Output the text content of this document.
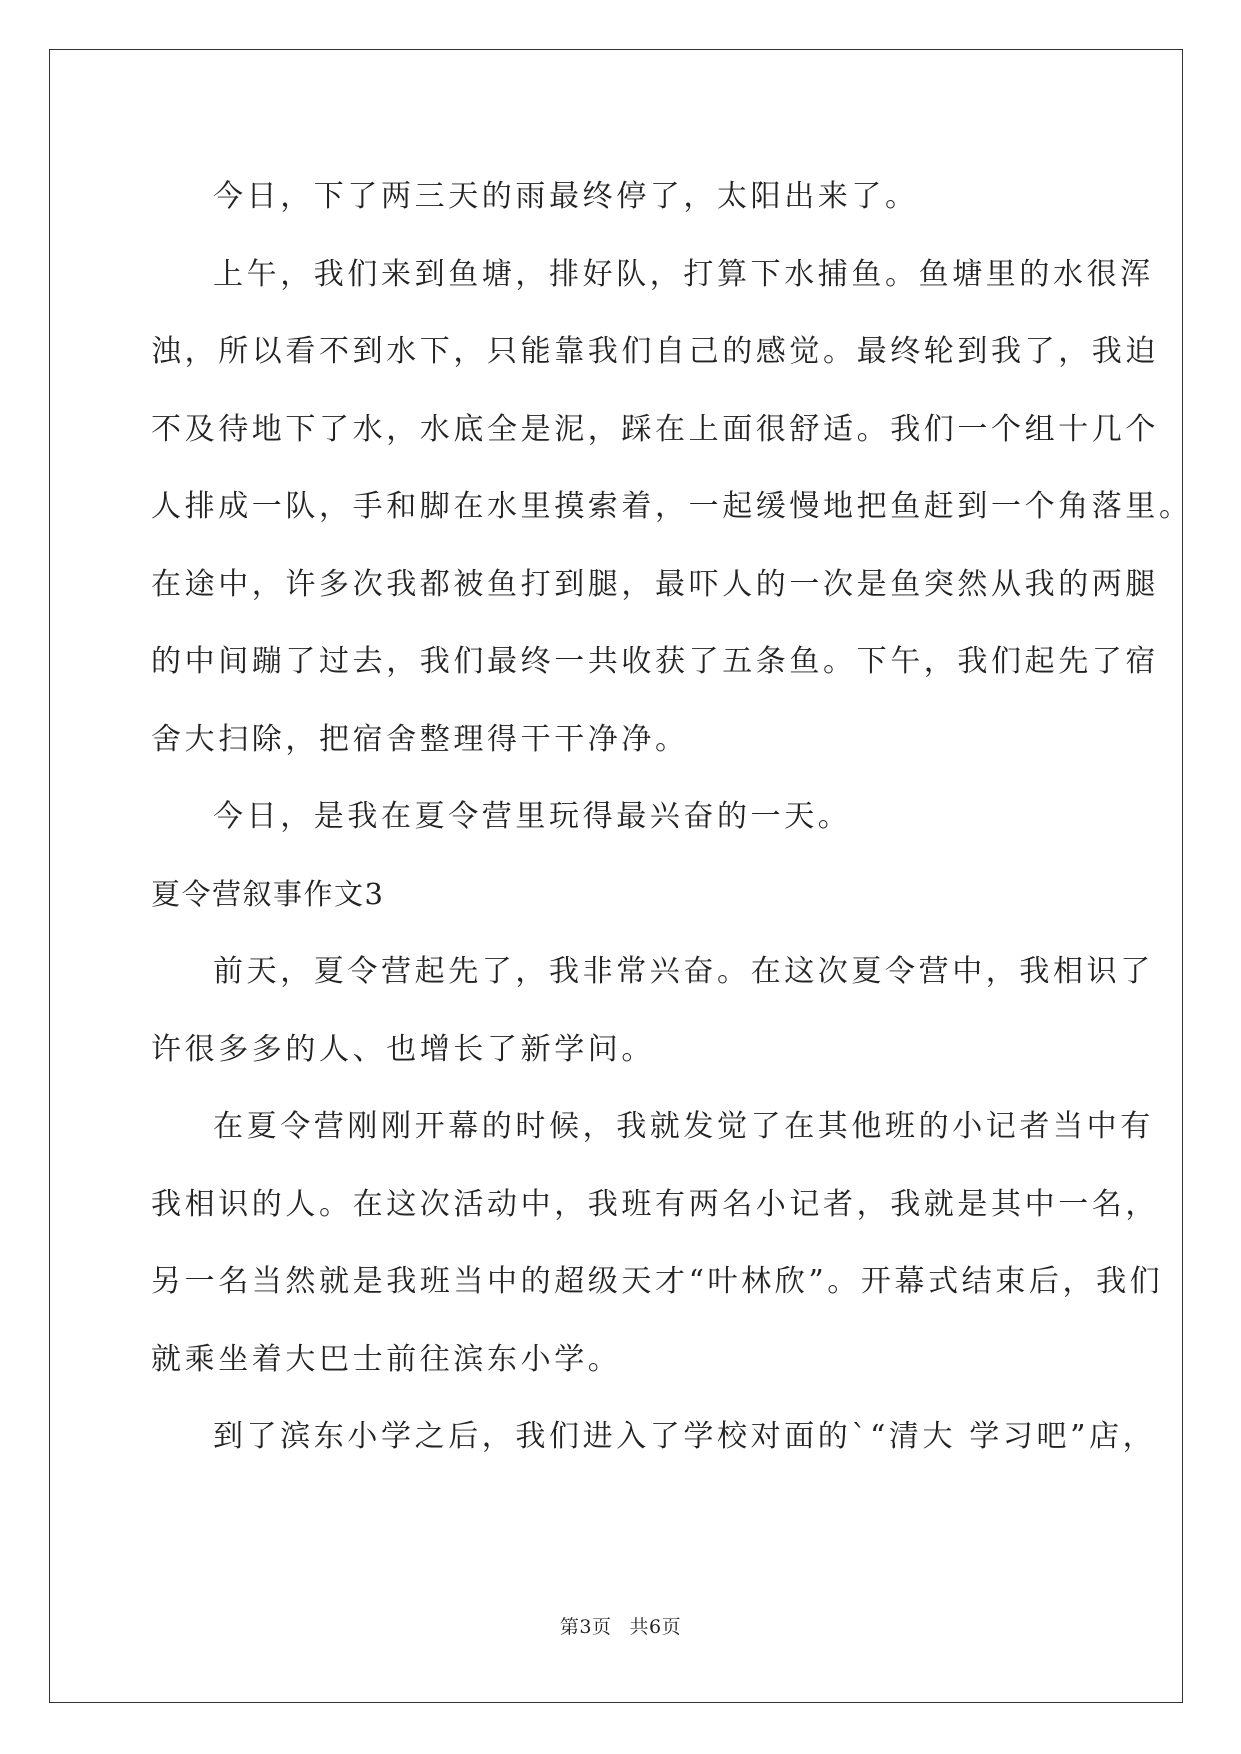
今日，下了两三天的雨最终停了，太阳出来了。
上午，我们来到鱼塘，排好队，打算下水捕鱼。鱼塘里的水很浑
浊，所以看不到水下，只能靠我们自己的感觉。最终轮到我了，我迫
不及待地下了水，水底全是泥，踩在上面很舒适。我们一个组十几个
人排成一队，手和脚在水里摸索着，一起缓慢地把鱼赶到一个角落里。
在途中，许多次我都被鱼打到腿，最吓人的一次是鱼突然从我的两腿
的中间蹦了过去，我们最终一共收获了五条鱼。下午，我们起先了宿
舍大扫除，把宿舍整理得干干净净。
今日，是我在夏令营里玩得最兴奋的一天。
夏令营叙事作文3
前天，夏令营起先了，我非常兴奋。在这次夏令营中，我相识了
许很多多的人、也增长了新学问。
在夏令营刚刚开幕的时候，我就发觉了在其他班的小记者当中有
我相识的人。在这次活动中，我班有两名小记者，我就是其中一名，
另一名当然就是我班当中的超级天才“叶林欣”。开幕式结束后，我们
就乘坐着大巴士前往滨东小学。
到了滨东小学之后，我们进入了学校对面的`“清大 学习吧”店，
第3页 共6页
